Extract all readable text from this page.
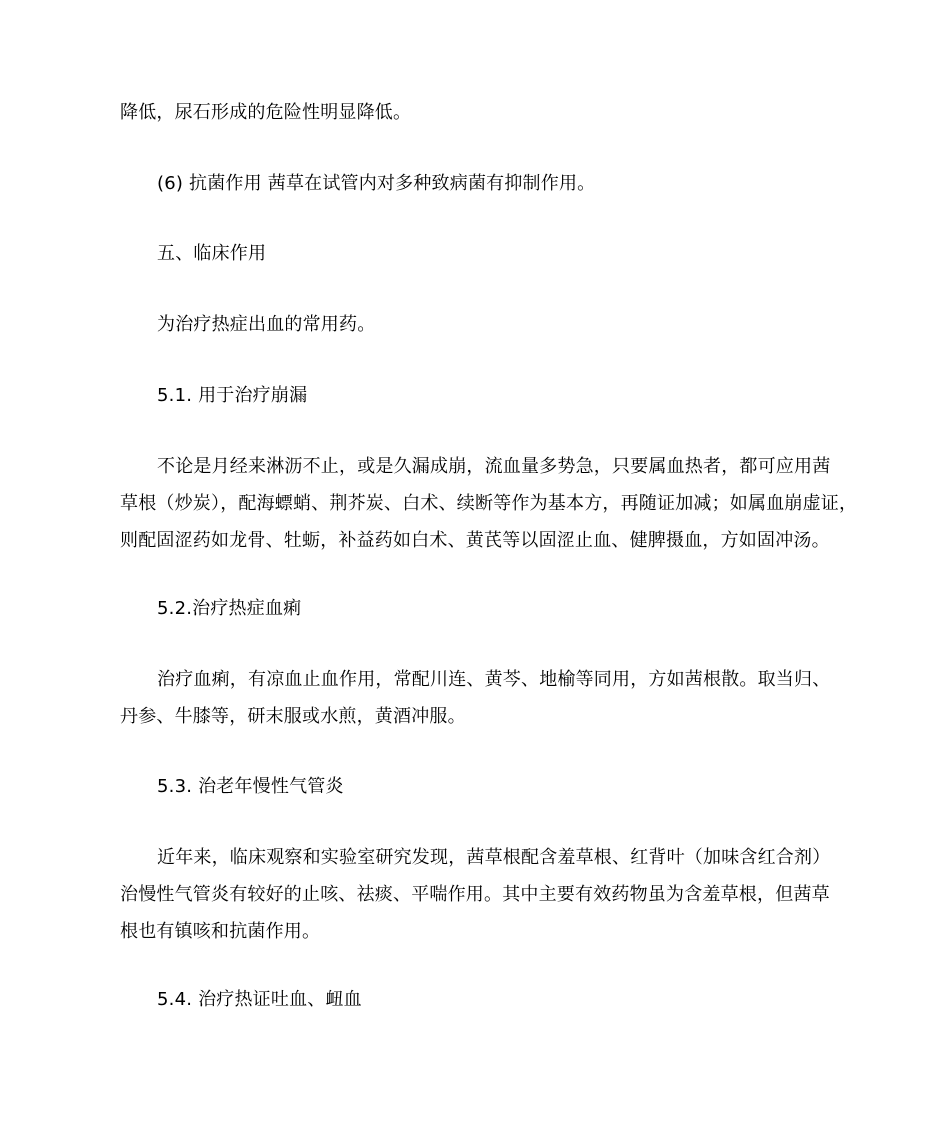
降低，尿石形成的危险性明显降低。
(6) 抗菌作用 茜草在试管内对多种致病菌有抑制作用。
五、临床作用
为治疗热症出血的常用药。
5.1. 用于治疗崩漏
不论是月经来淋沥不止，或是久漏成崩，流血量多势急，只要属血热者，都可应用茜
草根（炒炭），配海螵蛸、荆芥炭、白术、续断等作为基本方，再随证加减；如属血崩虚证，
则配固涩药如龙骨、牡蛎，补益药如白术、黄芪等以固涩止血、健脾摄血，方如固冲汤。
5.2.治疗热症血痢
治疗血痢，有凉血止血作用，常配川连、黄芩、地榆等同用，方如茜根散。取当归、
丹参、牛膝等，研末服或水煎，黄酒冲服。
5.3. 治老年慢性气管炎
近年来，临床观察和实验室研究发现，茜草根配含羞草根、红背叶（加味含红合剂）
治慢性气管炎有较好的止咳、祛痰、平喘作用。其中主要有效药物虽为含羞草根，但茜草
根也有镇咳和抗菌作用。
5.4. 治疗热证吐血、衄血
